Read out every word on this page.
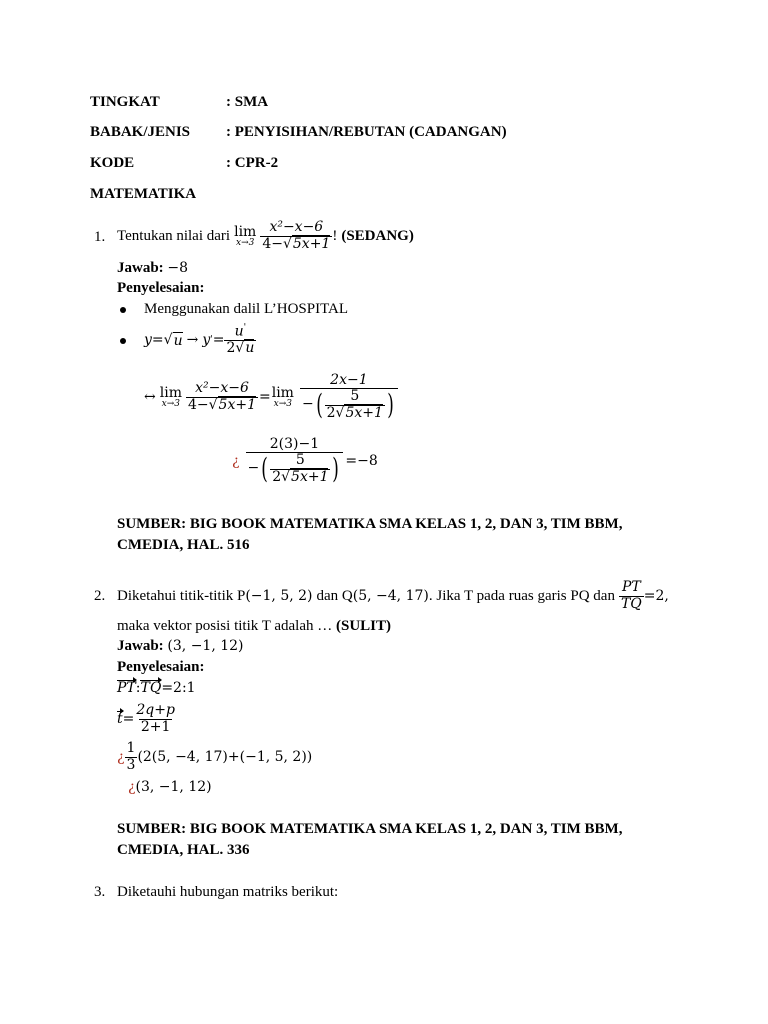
TINGKAT	: SMA
BABAK/JENIS : PENYISIHAN/REBUTAN (CADANGAN)
KODE	: CPR-2
MATEMATIKA
1. Tentukan nilai dari lim
$x\to 3 \frac{\text{x²−x−6}}{4-√5x+1}$ ! (SEDANG)
Jawab: −8
Penyelesaian:
Menggunakan dalil L’HOSPITAL
y= √ u → y ' = $\frac{u'}{2√u}$
↔ lim
$x\to 3 \frac{\text{x²−x−6}}{4-√5x+1} = \lim$
$x\to 3 \frac{2x-1}{- ( \frac{5}{2√5x+1} )}$
¿ $\frac{2(3)-1}{- ( \frac{5}{2√5x+1} )} =-8$
SUMBER: BIG BOOK MATEMATIKA SMA KELAS 1, 2, DAN 3, TIM BBM,
CMEDIA, HAL. 516
2. Diketahui titik-titik P (−1, 5, 2) dan Q (5, −4, 17) . Jika T pada ruas garis PQ dan $\frac{PT}{TQ} =2$,
maka vektor posisi titik T adalah … (SULIT)
Jawab: (3, −1, 12)
Penyelesaian:
PT:TQ=2:1
$t = \frac{2q+p}{2+1}$
¿ $\frac{1}{3} (2(5$, −4, 17)+(−1, 5, 2))
¿(3, −1, 12)
SUMBER: BIG BOOK MATEMATIKA SMA KELAS 1, 2, DAN 3, TIM BBM,
CMEDIA, HAL. 336
3. Diketauhi hubungan matriks berikut:
